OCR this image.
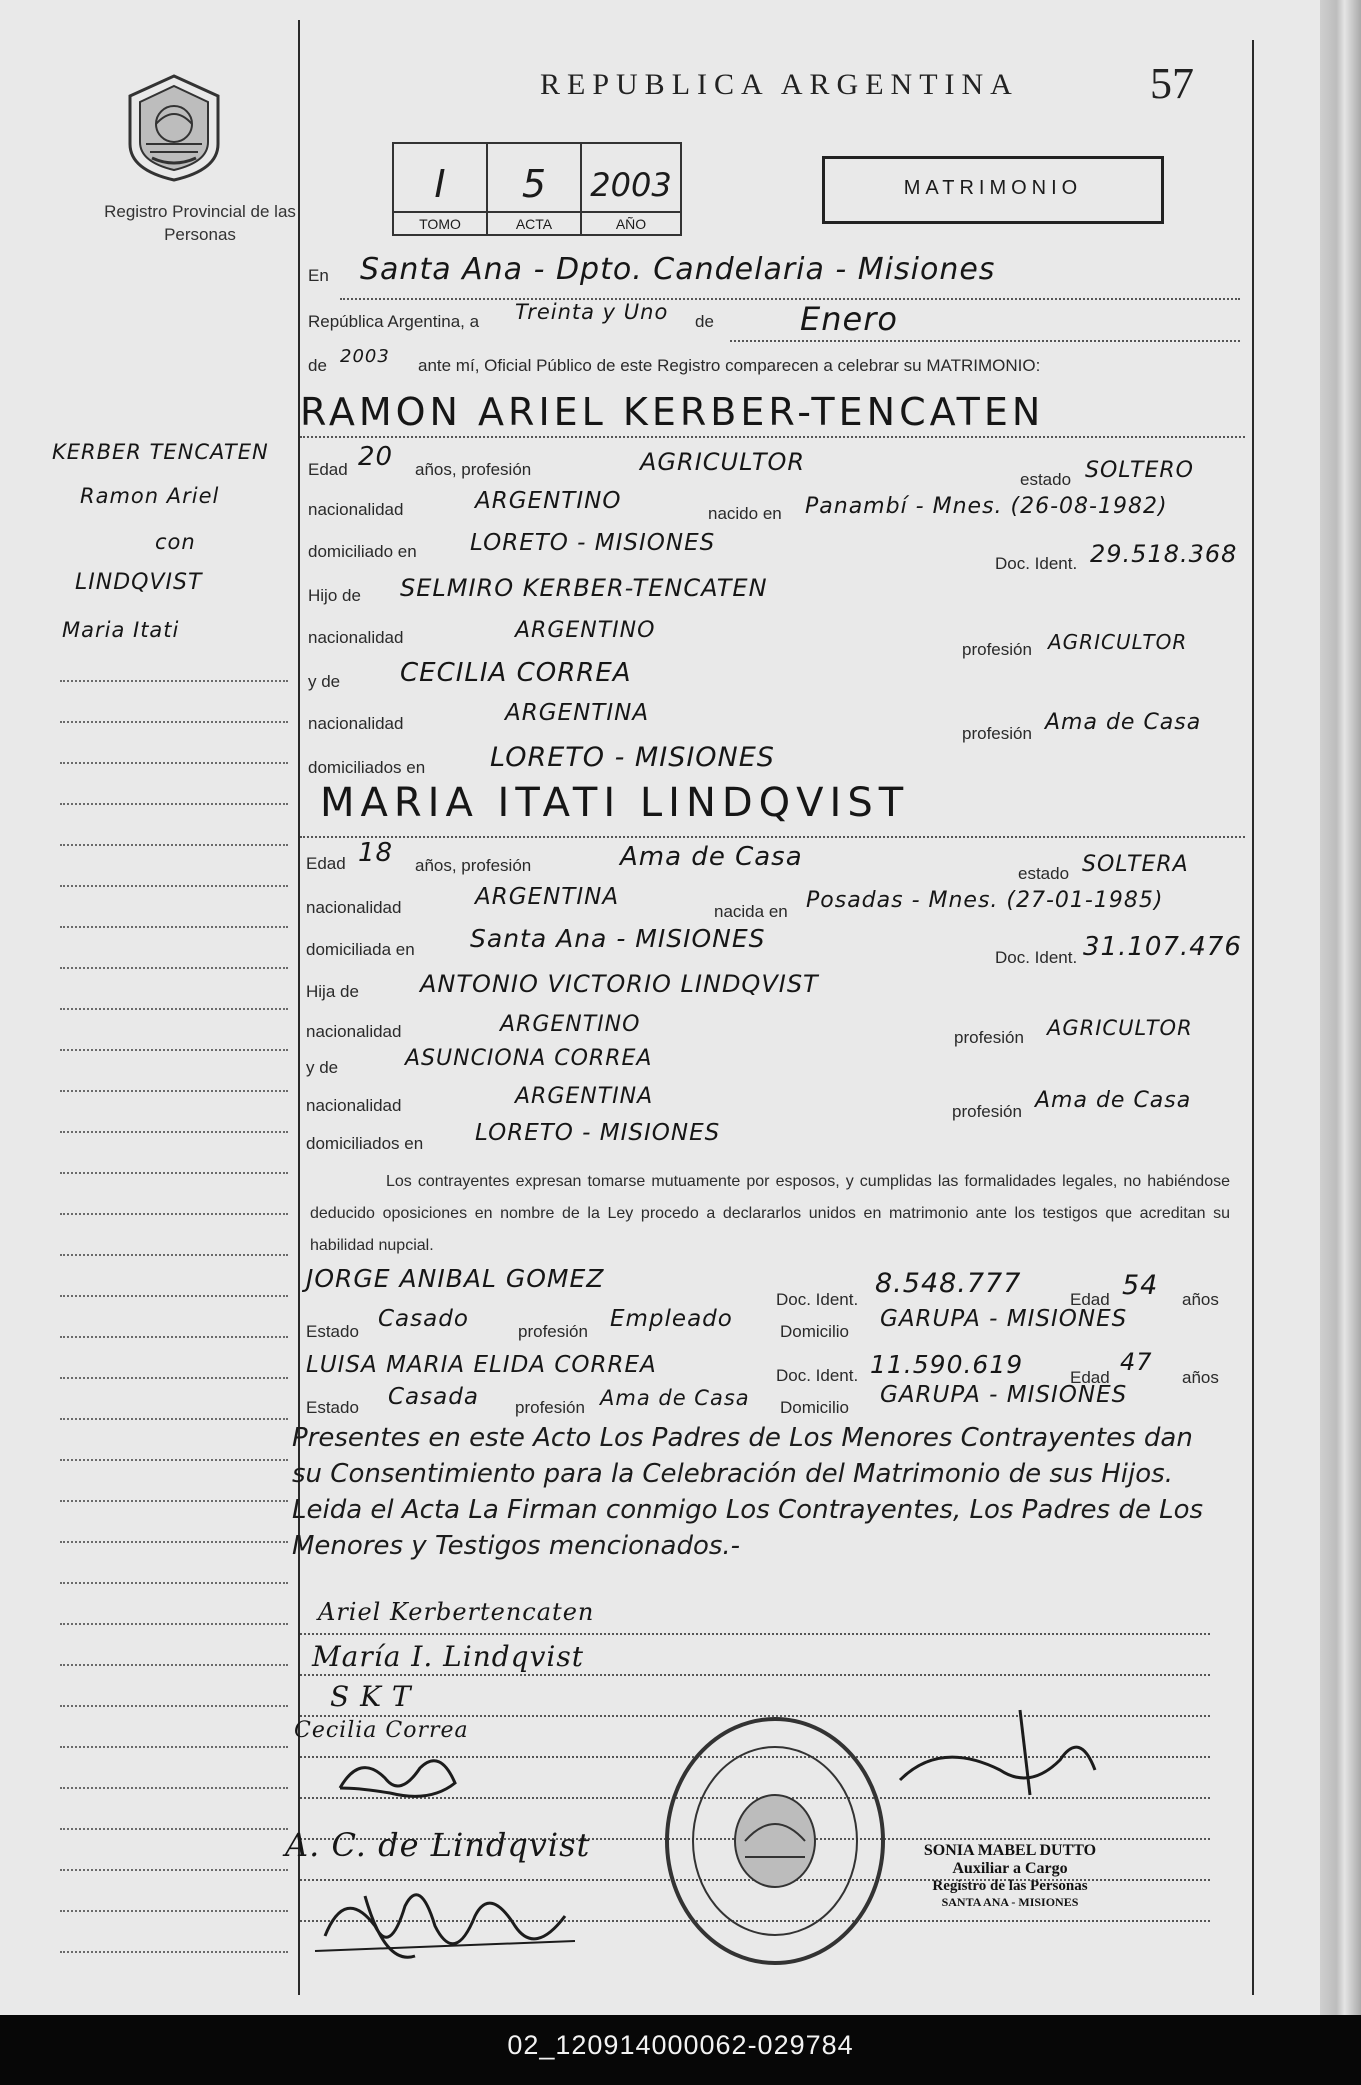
Registro Provincial de las Personas
REPUBLICA ARGENTINA	57
I
TOMO
5
ACTA
2003
AÑO
MATRIMONIO
KERBER TENCATEN
Ramon Ariel
con
LINDQVIST
Maria Itati
En Santa Ana - Dpto. Candelaria - Misiones
República Argentina, a Treinta y Uno de	Enero
de 2003 ante mí, Oficial Público de este Registro comparecen a celebrar su MATRIMONIO:
RAMON ARIEL KERBER-TENCATEN
Edad 20 años, profesión	AGRICULTOR
estado SOLTERO
nacionalidad	ARGENTINO	nacido en Panambí - Mnes. (26-08-1982)
domiciliado en LORETO - MISIONES
Doc. Ident. 29.518.368
Hijo de SELMIRO KERBER-TENCATEN
nacionalidad	ARGENTINO
profesión AGRICULTOR
y de CECILIA CORREA
nacionalidad	ARGENTINA
profesión Ama de Casa
domiciliados en LORETO - MISIONES
MARIA ITATI LINDQVIST
Edad 18 años, profesión	Ama de Casa
estado SOLTERA
nacionalidad	ARGENTINA
nacida en Posadas - Mnes. (27-01-1985)
domiciliada en Santa Ana - MISIONES
Doc. Ident. 31.107.476
Hija de	ANTONIO VICTORIO LINDQVIST
nacionalidad	ARGENTINO
profesión AGRICULTOR
y de	ASUNCIONA CORREA
nacionalidad	ARGENTINA
profesión Ama de Casa
domiciliados en LORETO - MISIONES
Los contrayentes expresan tomarse mutuamente por esposos, y cumplidas las formalidades legales, no habiéndose deducido oposiciones en nombre de la Ley procedo a declararlos unidos en matrimonio ante los testigos que acreditan su habilidad nupcial.
JORGE ANIBAL GOMEZ
Doc. Ident.
8.548.777
Edad 54 años
Estado Casado	profesión Empleado	Domicilio GARUPA - MISIONES
LUISA MARIA ELIDA CORREA	Doc. Ident. 11.590.619	Edad
47
años
Estado Casada profesión Ama de Casa Domicilio GARUPA - MISIONES
Presentes en este Acto Los Padres de Los Menores Contrayentes dan su Consentimiento para la Celebración del Matrimonio de sus Hijos. Leida el Acta La Firman conmigo Los Contrayentes, Los Padres de Los Menores y Testigos mencionados.-
Ariel Kerbertencaten
María I. Lindqvist
S K T
Cecilia Correa
A. C. de Lindqvist	SONIA MABEL DUTTO
Auxiliar a Cargo
Registro de las Personas
SANTA ANA - MISIONES
02_120914000062-029784
